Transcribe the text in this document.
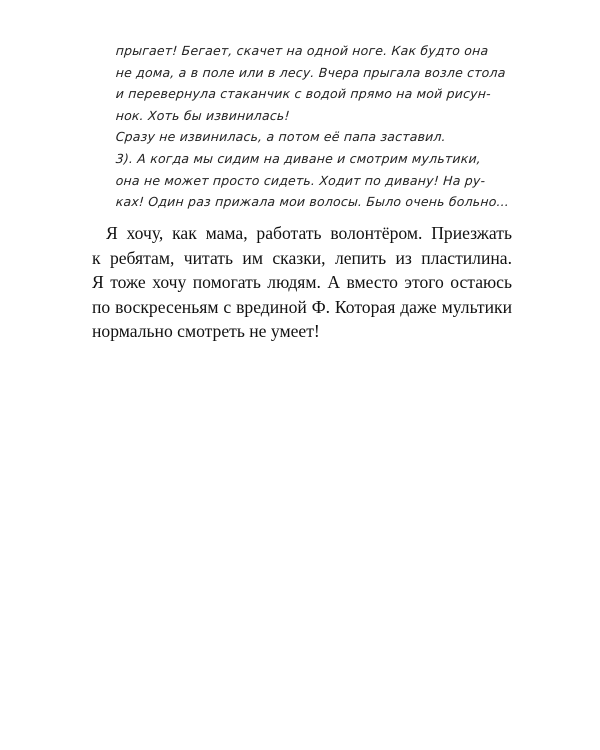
прыгает! Бегает, скачет на одной ноге. Как будто она
не дома, а в поле или в лесу. Вчера прыгала возле стола
и перевернула стаканчик с водой прямо на мой рисун-
нок. Хоть бы извинилась!
Сразу не извинилась, а потом её папа заставил.
3). А когда мы сидим на диване и смотрим мультики,
она не может просто сидеть. Ходит по дивану! На ру-
ках! Один раз прижала мои волосы. Было очень больно...
Я хочу, как мама, работать волонтёром. Приезжать
к ребятам, читать им сказки, лепить из пластилина.
Я тоже хочу помогать людям. А вместо этого остаюсь
по воскресеньям с врединой Ф. Которая даже мультики
нормально смотреть не умеет!
